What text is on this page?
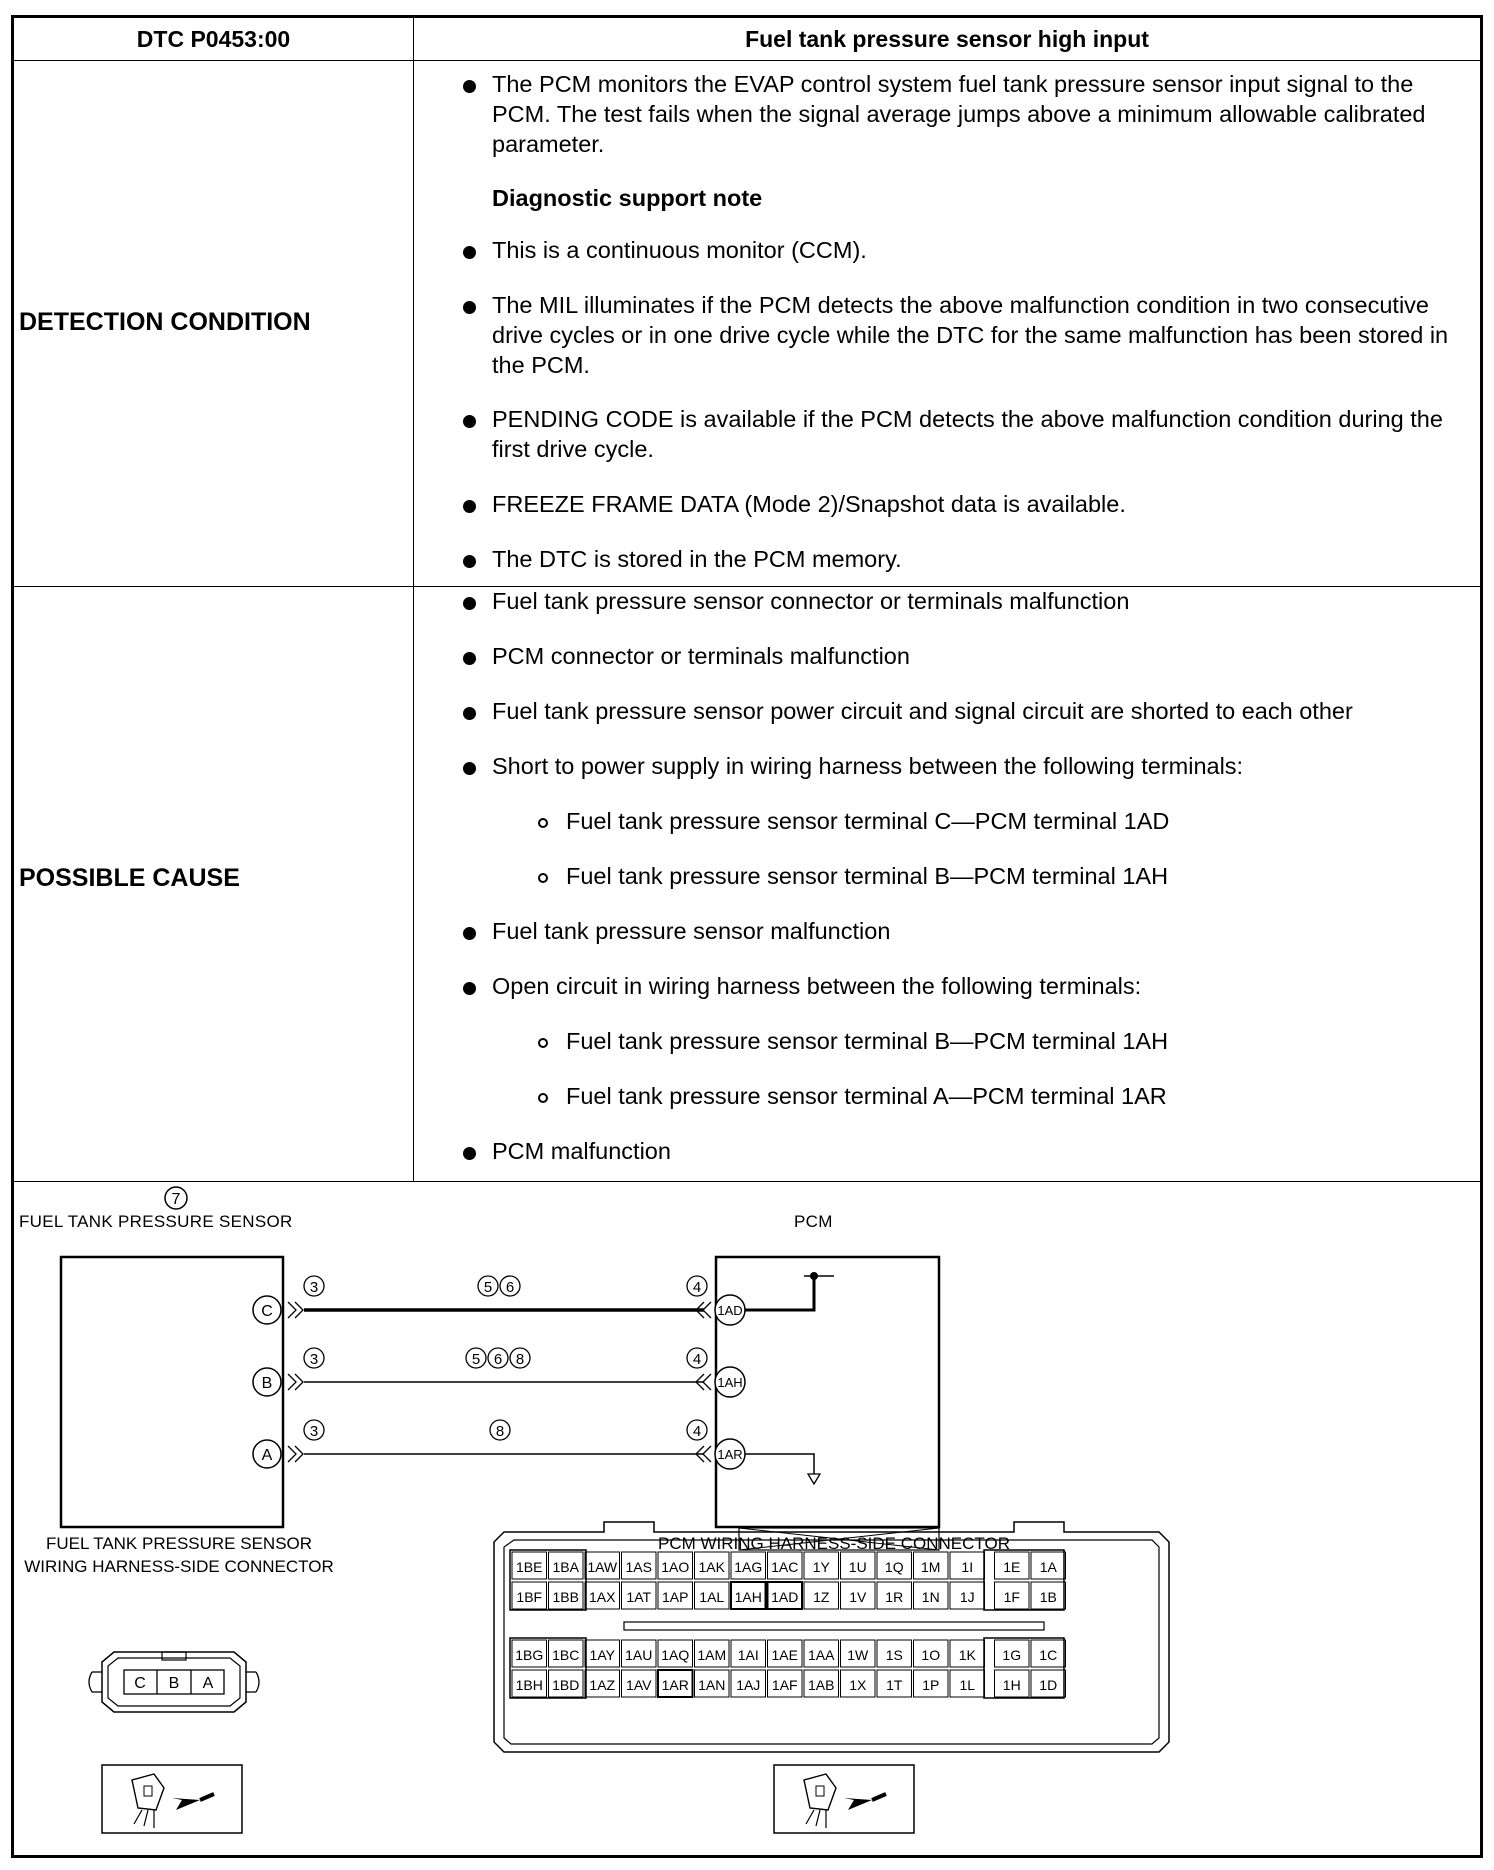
DTC P0453:00	Fuel tank pressure sensor high input
DETECTION CONDITION
The PCM monitors the EVAP control system fuel tank pressure sensor input signal to the PCM. The test fails when the signal average jumps above a minimum allowable calibrated parameter.
Diagnostic support note
This is a continuous monitor (CCM).
The MIL illuminates if the PCM detects the above malfunction condition in two consecutive drive cycles or in one drive cycle while the DTC for the same malfunction has been stored in the PCM.
PENDING CODE is available if the PCM detects the above malfunction condition during the first drive cycle.
FREEZE FRAME DATA (Mode 2)/Snapshot data is available.
The DTC is stored in the PCM memory.
POSSIBLE CAUSE
Fuel tank pressure sensor connector or terminals malfunction
PCM connector or terminals malfunction
Fuel tank pressure sensor power circuit and signal circuit are shorted to each other
Short to power supply in wiring harness between the following terminals:
Fuel tank pressure sensor terminal C—PCM terminal 1AD
Fuel tank pressure sensor terminal B—PCM terminal 1AH
Fuel tank pressure sensor malfunction
Open circuit in wiring harness between the following terminals:
Fuel tank pressure sensor terminal B—PCM terminal 1AH
Fuel tank pressure sensor terminal A—PCM terminal 1AR
PCM malfunction
7
C
B
A
3
3
3
4
4
4
5 6
5 6 8
8
1AD
1AH
1AR
C B A
1BE 1BA 1AW 1AS 1AO 1AK 1AG 1AC 1Y 1U 1Q 1M 1I 1E 1A
1BF 1BB 1AX 1AT 1AP 1AL 1AH 1AD 1Z 1V 1R 1N 1J 1F 1B
1BG 1BC 1AY 1AU 1AQ 1AM 1AI 1AE 1AA 1W 1S 1O 1K 1G 1C
1BH 1BD 1AZ 1AV 1AR 1AN 1AJ 1AF 1AB 1X 1T 1P 1L 1H 1D
FUEL TANK PRESSURE SENSOR	PCM
FUEL TANK PRESSURE SENSOR WIRING HARNESS-SIDE CONNECTOR
PCM WIRING HARNESS-SIDE CONNECTOR
